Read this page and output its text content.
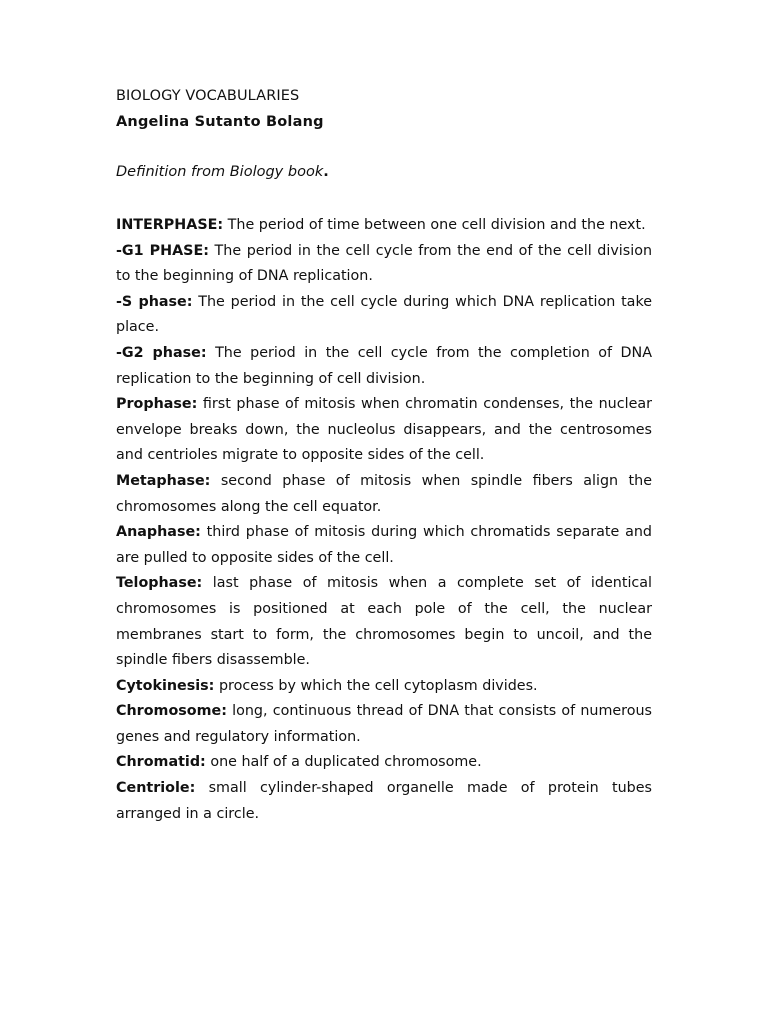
BIOLOGY VOCABULARIES

Angelina Sutanto Bolang

Definition from Biology book.

INTERPHASE: The period of time between one cell division and the next.
-G1 PHASE: The period in the cell cycle from the end of the cell division to the beginning of DNA replication.
-S phase: The period in the cell cycle during which DNA replication take place.
-G2 phase: The period in the cell cycle from the completion of DNA replication to the beginning of cell division.
Prophase: first phase of mitosis when chromatin condenses, the nuclear envelope breaks down, the nucleolus disappears, and the centrosomes and centrioles migrate to opposite sides of the cell.
Metaphase: second phase of mitosis when spindle fibers align the chromosomes along the cell equator.
Anaphase: third phase of mitosis during which chromatids separate and are pulled to opposite sides of the cell.
Telophase: last phase of mitosis when a complete set of identical chromosomes is positioned at each pole of the cell, the nuclear membranes start to form, the chromosomes begin to uncoil, and the spindle fibers disassemble.
Cytokinesis: process by which the cell cytoplasm divides.
Chromosome: long, continuous thread of DNA that consists of numerous genes and regulatory information.
Chromatid: one half of a duplicated chromosome.
Centriole: small cylinder-shaped organelle made of protein tubes arranged in a circle.
